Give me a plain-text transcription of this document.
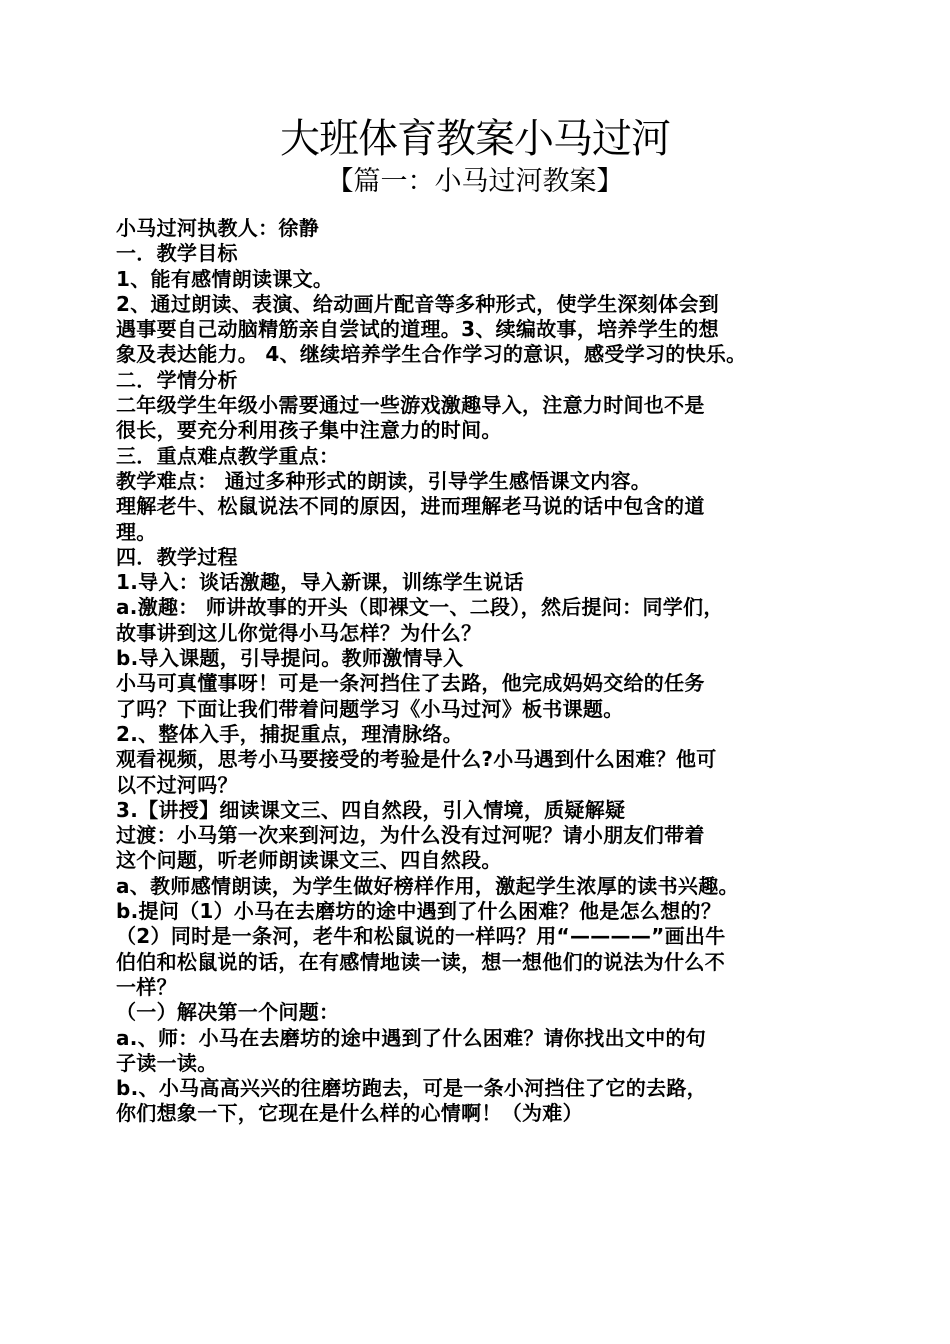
大班体育教案小马过河
【篇一：小马过河教案】
小马过河执教人：徐静
一．教学目标
1、能有感情朗读课文。
2、通过朗读、表演、给动画片配音等多种形式，使学生深刻体会到
遇事要自己动脑精筋亲自尝试的道理。3、续编故事，培养学生的想
象及表达能力。 4、继续培养学生合作学习的意识，感受学习的快乐。
二．学情分析
二年级学生年级小需要通过一些游戏激趣导入，注意力时间也不是
很长，要充分利用孩子集中注意力的时间。
三．重点难点教学重点：
教学难点： 通过多种形式的朗读，引导学生感悟课文内容。
理解老牛、松鼠说法不同的原因，进而理解老马说的话中包含的道
理。
四．教学过程
1.导入：谈话激趣，导入新课，训练学生说话
a.激趣： 师讲故事的开头（即裸文一、二段），然后提问：同学们，
故事讲到这儿你觉得小马怎样？为什么？
b.导入课题，引导提问。教师激情导入
小马可真懂事呀！可是一条河挡住了去路，他完成妈妈交给的任务
了吗？下面让我们带着问题学习《小马过河》板书课题。
2.、整体入手，捕捉重点，理清脉络。
观看视频，思考小马要接受的考验是什么?小马遇到什么困难？他可
以不过河吗？
3.【讲授】细读课文三、四自然段，引入情境，质疑解疑
过渡：小马第一次来到河边，为什么没有过河呢？请小朋友们带着
这个问题，听老师朗读课文三、四自然段。
a、教师感情朗读，为学生做好榜样作用，激起学生浓厚的读书兴趣。
b.提问（1）小马在去磨坊的途中遇到了什么困难？他是怎么想的？
（2）同时是一条河，老牛和松鼠说的一样吗？用“————”画出牛
伯伯和松鼠说的话，在有感情地读一读，想一想他们的说法为什么不
一样？
（一）解决第一个问题：
a.、师：小马在去磨坊的途中遇到了什么困难？请你找出文中的句
子读一读。
b.、小马高高兴兴的往磨坊跑去，可是一条小河挡住了它的去路，
你们想象一下，它现在是什么样的心情啊！（为难）
